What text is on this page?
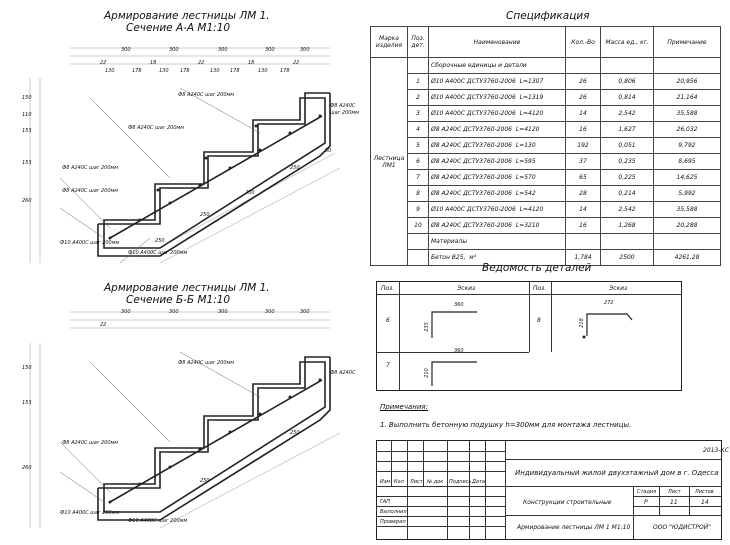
Армирование лестницы ЛМ 1.
Сечение А-А М1:10
Армирование лестницы ЛМ 1.
Сечение Б-Б М1:10
22
300	300	300	300	300
130	178
18
130 178
22
130 178
18
130 178
22
150
110
153
153
260
250
250
250
250
50
Ф8 А240С шаг 200мм
Ф8 А240С шаг 200мм
Ф8 А240С шаг 200мм
Ф8 А240С шаг 200мм
Ф10 А400С шаг 200мм
Ф10 А400С шаг 200мм
Ф8 А240С
шаг 200мм
22
300	300	300	300	300
150
153
260
250
250
Ф10 А400С шаг 200мм
Ф10 А400С шаг 200мм
Ф8 А240С шаг 200мм
Ф8 А240С шаг 200мм
Ф8 А240С
Спецификация
Марка изделия	Поз. дет.	Наименование	Кол.-Во	Масса ед., кг.	Примечание
Лестница ЛМ1		Сборочные единицы и детали			
	1	Ø10 А400С ДСТУ3760-2006 L=1307	26	0,806	20,956
	2	Ø10 А400С ДСТУ3760-2006 L=1319	26	0,814	21,164
	3	Ø10 А400С ДСТУ3760-2006 L=4120	14	2,542	35,588
	4	Ø8 А240С ДСТУ3760-2006 L=4120	16	1,627	26,032
	5	Ø8 А240С ДСТУ3760-2006 L=130	192	0,051	9,792
	6	Ø8 А240С ДСТУ3760-2006 L=595	37	0,235	8,695
	7	Ø8 А240С ДСТУ3760-2006 L=570	65	0,225	14,625
	8	Ø8 А240С ДСТУ3760-2006 L=542	28	0,214	5,992
	9	Ø10 А400С ДСТУ3760-2006 L=4120	14	2,542	35,588
	10	Ø8 А240С ДСТУ3760-2006 L=3210	16	1,268	20,288
		Материалы			
		Бетон В25, м³	1,784	2500	4261,28
Ведомость деталей
Поз.	Эскиз	Поз.	Эскиз
6	8
7
360
235
272
218
360
210
Примечания:
1. Выполнить бетонную подушку h=300мм для монтажа лестницы.
2013-КС
Индивидуальный жилой двухэтажный дом в г. Одесса
Изм Кол Лист № док Подпись Дата
ГАП
Выполнил
Проверил
Конструкции строительные
Стадия Лист	Листов
Р	11	14
Армирование лестницы ЛМ 1 М1:10	ООО "ЮДИСТРОЙ"
